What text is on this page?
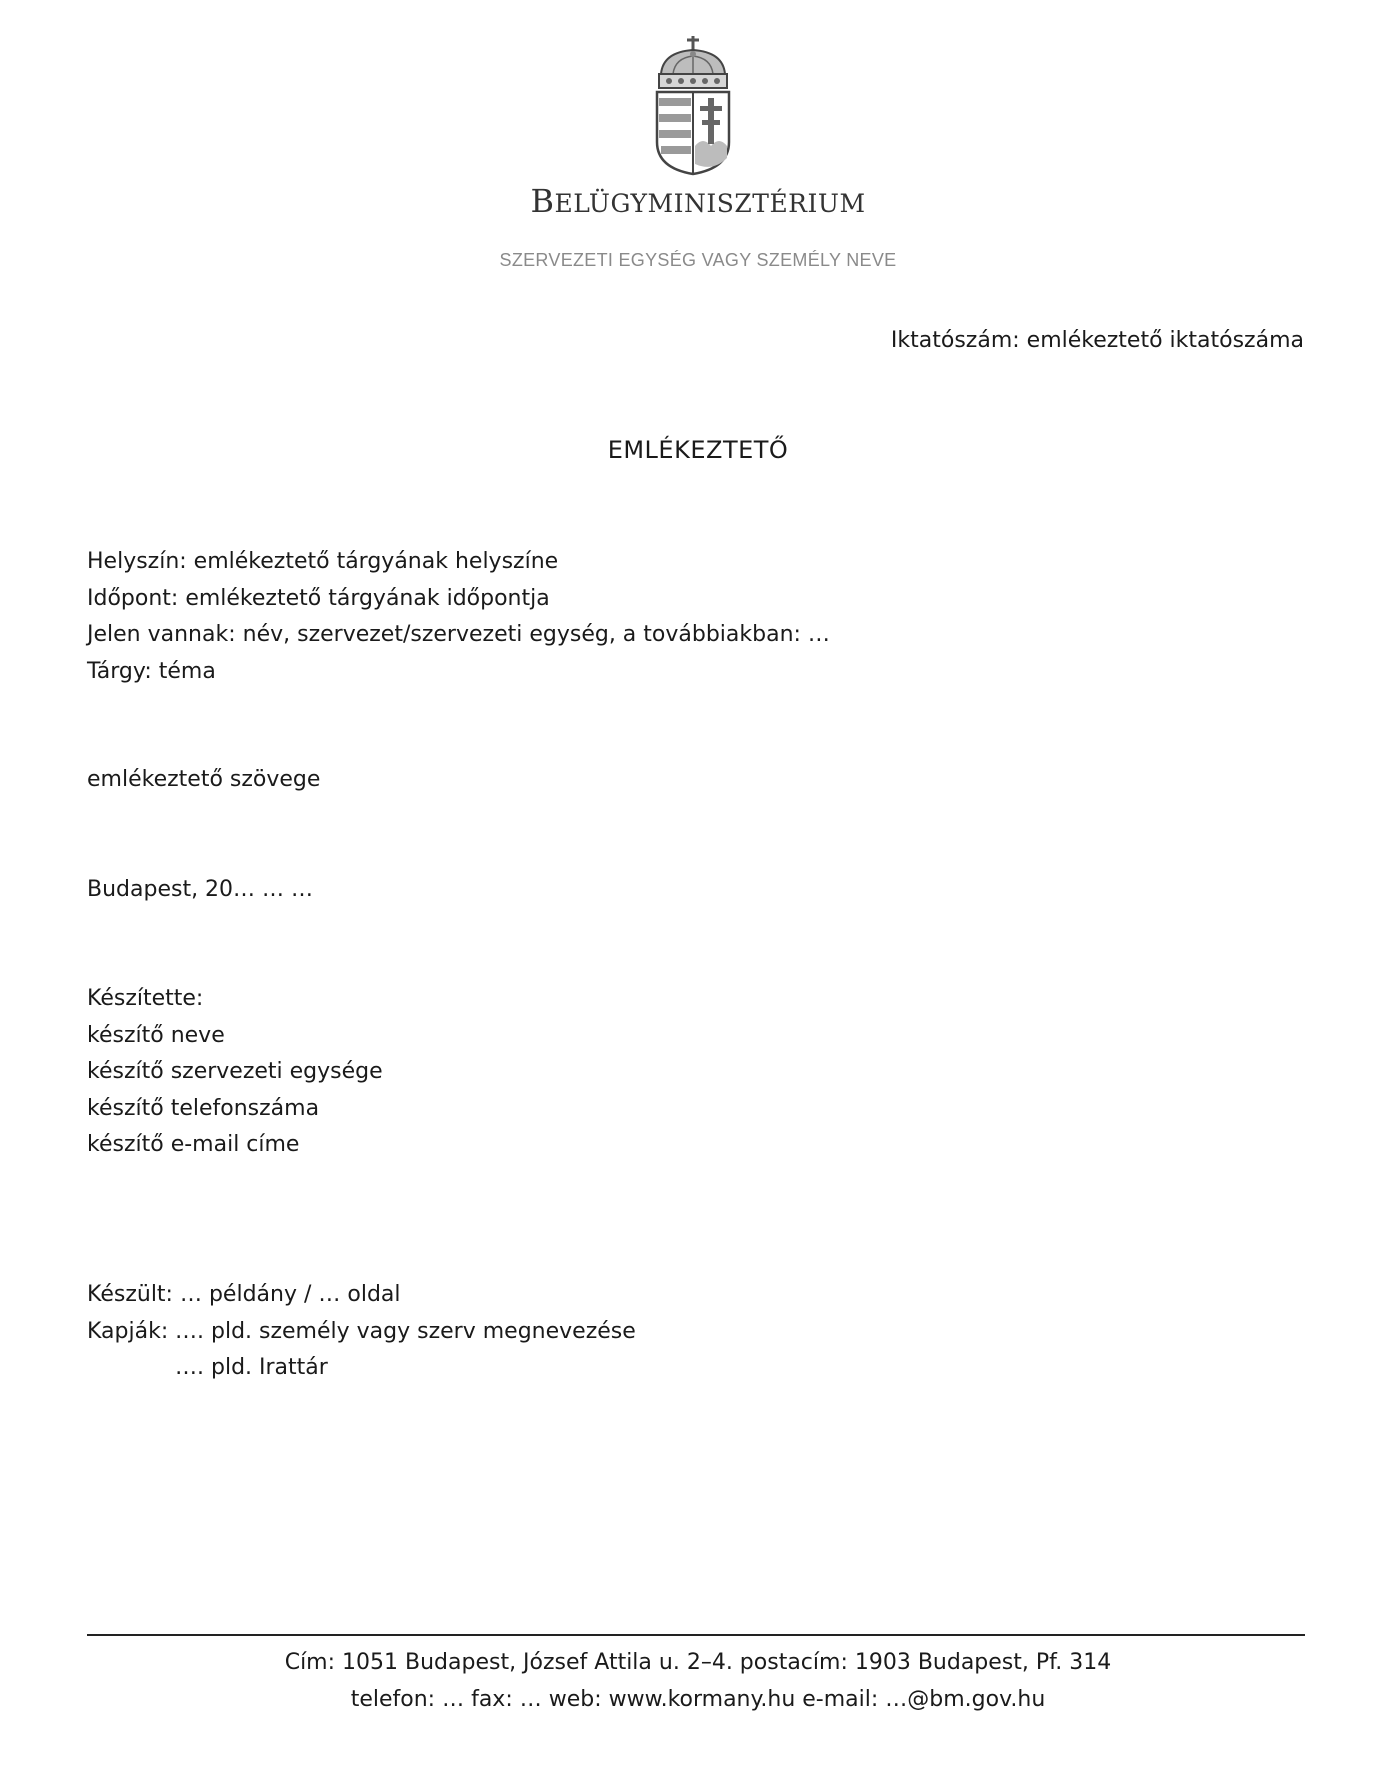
BELÜGYMINISZTÉRIUM
SZERVEZETI EGYSÉG VAGY SZEMÉLY NEVE
Iktatószám: emlékeztető iktatószáma
EMLÉKEZTETŐ
Helyszín: emlékeztető tárgyának helyszíne
Időpont: emlékeztető tárgyának időpontja
Jelen vannak: név, szervezet/szervezeti egység, a továbbiakban: …
Tárgy: téma
emlékeztető szövege
Budapest, 20… … …
Készítette:
készítő neve
készítő szervezeti egysége
készítő telefonszáma
készítő e-mail címe
Készült: … példány / … oldal
Kapják: …. pld. személy vagy szerv megnevezése
…. pld. Irattár
Cím: 1051 Budapest, József Attila u. 2–4. postacím: 1903 Budapest, Pf. 314
telefon: … fax: … web: www.kormany.hu e-mail: …@bm.gov.hu
